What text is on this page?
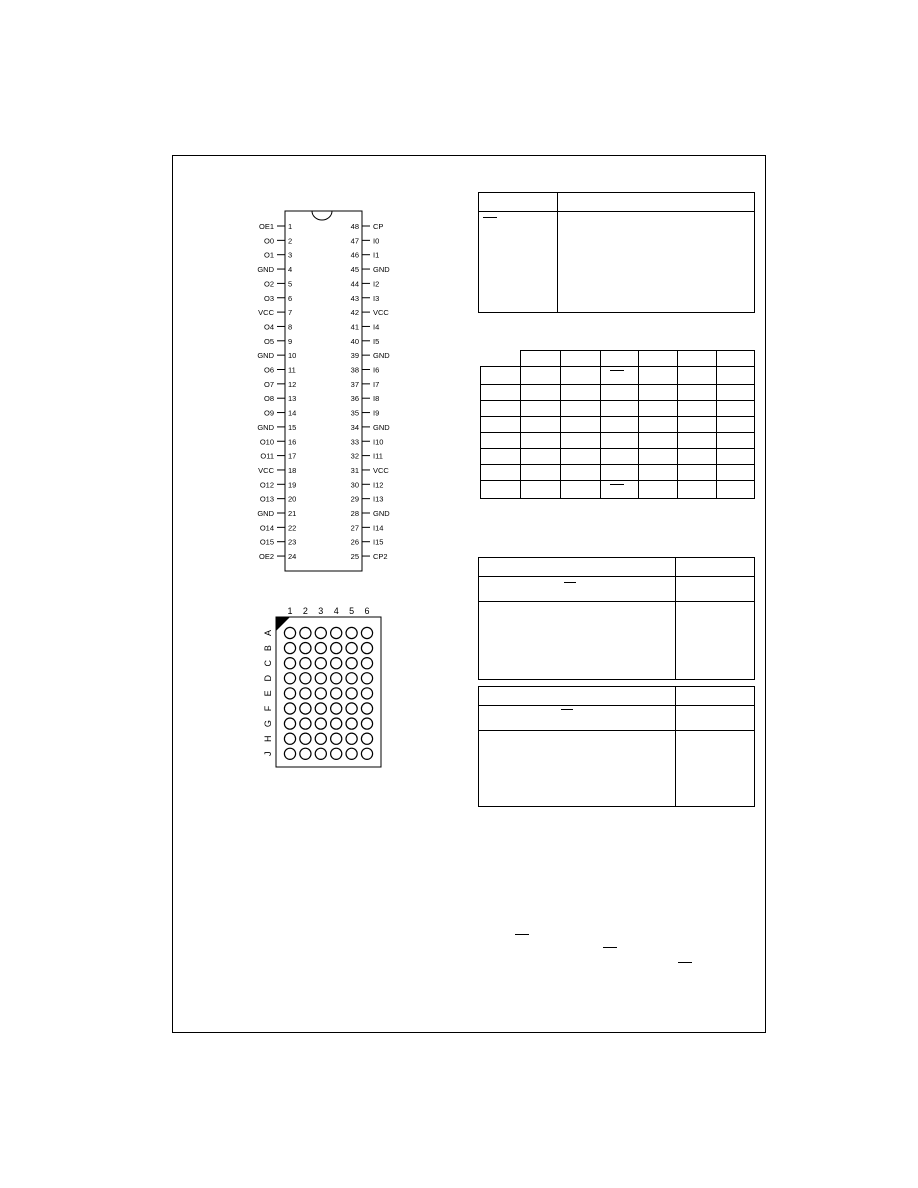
OE1 1
O0 2
O1 3
GND 4
O2 5
O3 6
VCC 7
O4 8
O5 9
GND 10
O6 11
O7 12
O8 13
O9 14
GND 15
O10 16
O11 17
VCC 18
O12 19
O13 20
GND 21
O14 22
O15 23
OE2 24
48 CP
47 I0
46 I1
45 GND
44 I2
43 I3
42 VCC
41 I4
40 I5
39 GND
38 I6
37 I7
36 I8
35 I9
34 GND
33 I10
32 I11
31 VCC
30 I12
29 I13
28 GND
27 I14
26 I15
25 CP2
1 2 3 4 5 6
A
B
C
D
E
F
G
H
J
